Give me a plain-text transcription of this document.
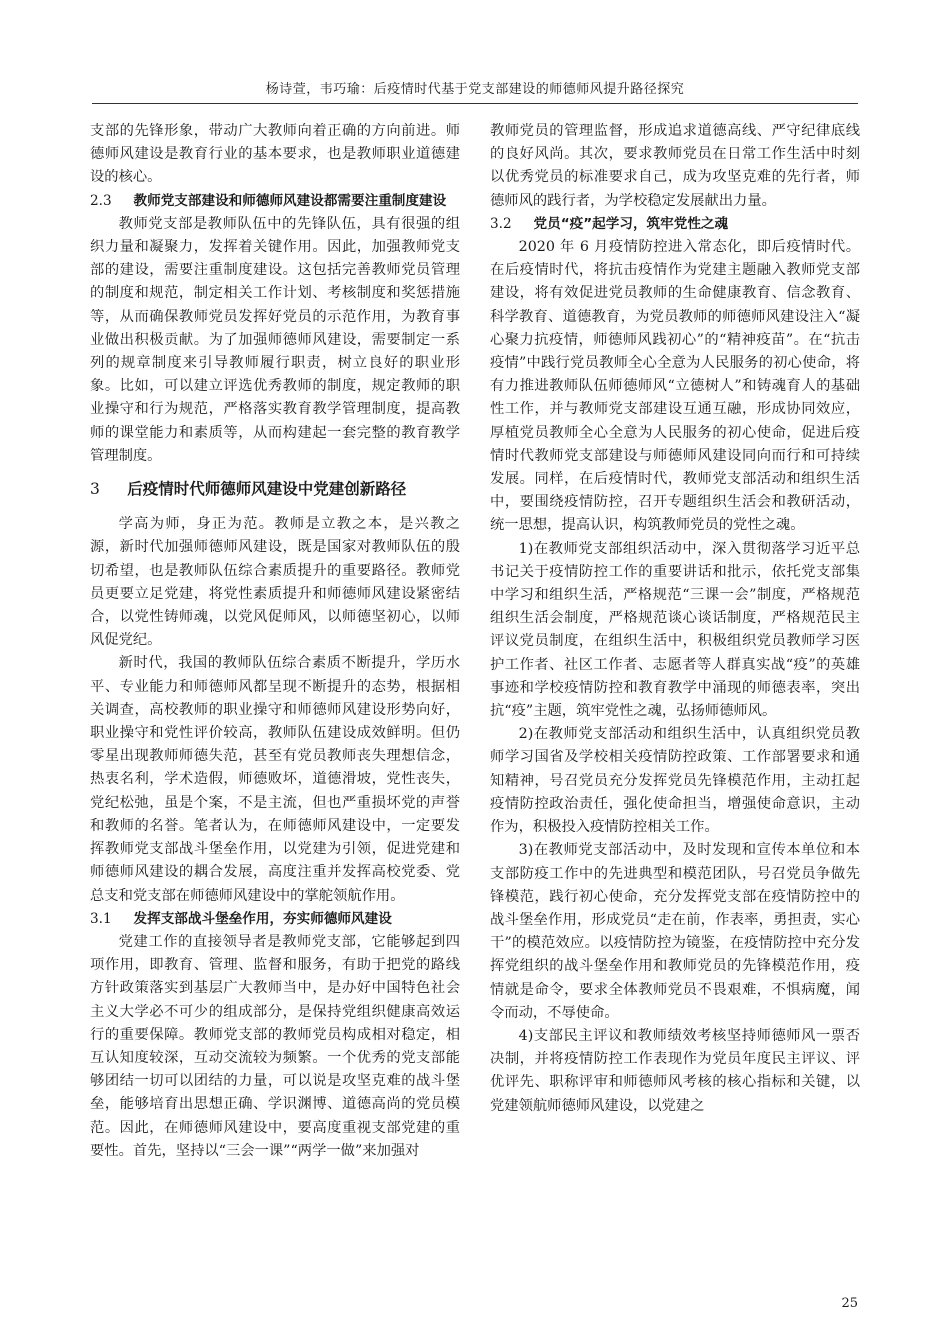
杨诗萱，韦巧瑜：后疫情时代基于党支部建设的师德师风提升路径探究

支部的先锋形象，带动广大教师向着正确的方向前进。师德师风建设是教育行业的基本要求，也是教师职业道德建设的核心。

2.3 教师党支部建设和师德师风建设都需要注重制度建设

教师党支部是教师队伍中的先锋队伍，具有很强的组织力量和凝聚力，发挥着关键作用。因此，加强教师党支部的建设，需要注重制度建设。这包括完善教师党员管理的制度和规范，制定相关工作计划、考核制度和奖惩措施等，从而确保教师党员发挥好党员的示范作用，为教育事业做出积极贡献。为了加强师德师风建设，需要制定一系列的规章制度来引导教师履行职责，树立良好的职业形象。比如，可以建立评选优秀教师的制度，规定教师的职业操守和行为规范，严格落实教育教学管理制度，提高教师的课堂能力和素质等，从而构建起一套完整的教育教学管理制度。

3 后疫情时代师德师风建设中党建创新路径

学高为师，身正为范。教师是立教之本，是兴教之源，新时代加强师德师风建设，既是国家对教师队伍的殷切希望，也是教师队伍综合素质提升的重要路径。教师党员更要立足党建，将党性素质提升和师德师风建设紧密结合，以党性铸师魂，以党风促师风，以师德坚初心，以师风促党纪。

新时代，我国的教师队伍综合素质不断提升，学历水平、专业能力和师德师风都呈现不断提升的态势，根据相关调查，高校教师的职业操守和师德师风建设形势向好，职业操守和党性评价较高，教师队伍建设成效鲜明。但仍零星出现教师师德失范，甚至有党员教师丧失理想信念，热衷名利，学术造假，师德败坏，道德滑坡，党性丧失，党纪松弛，虽是个案，不是主流，但也严重损坏党的声誉和教师的名誉。笔者认为，在师德师风建设中，一定要发挥教师党支部战斗堡垒作用，以党建为引领，促进党建和师德师风建设的耦合发展，高度注重并发挥高校党委、党总支和党支部在师德师风建设中的掌舵领航作用。

3.1 发挥支部战斗堡垒作用，夯实师德师风建设

党建工作的直接领导者是教师党支部，它能够起到四项作用，即教育、管理、监督和服务，有助于把党的路线方针政策落实到基层广大教师当中，是办好中国特色社会主义大学必不可少的组成部分，是保持党组织健康高效运行的重要保障。教师党支部的教师党员构成相对稳定，相互认知度较深，互动交流较为频繁。一个优秀的党支部能够团结一切可以团结的力量，可以说是攻坚克难的战斗堡垒，能够培育出思想正确、学识渊博、道德高尚的党员模范。因此，在师德师风建设中，要高度重视支部党建的重要性。首先，坚持以“三会一课”“两学一做”来加强对

教师党员的管理监督，形成追求道德高线、严守纪律底线的良好风尚。其次，要求教师党员在日常工作生活中时刻以优秀党员的标准要求自己，成为攻坚克难的先行者，师德师风的践行者，为学校稳定发展献出力量。

3.2 党员“疫”起学习，筑牢党性之魂

2020 年 6 月疫情防控进入常态化，即后疫情时代。在后疫情时代，将抗击疫情作为党建主题融入教师党支部建设，将有效促进党员教师的生命健康教育、信念教育、科学教育、道德教育，为党员教师的师德师风建设注入“凝心聚力抗疫情，师德师风践初心”的“精神疫苗”。在“抗击疫情”中践行党员教师全心全意为人民服务的初心使命，将有力推进教师队伍师德师风“立德树人”和铸魂育人的基础性工作，并与教师党支部建设互通互融，形成协同效应，厚植党员教师全心全意为人民服务的初心使命，促进后疫情时代教师党支部建设与师德师风建设同向而行和可持续发展。同样，在后疫情时代，教师党支部活动和组织生活中，要围绕疫情防控，召开专题组织生活会和教研活动，统一思想，提高认识，构筑教师党员的党性之魂。

1)在教师党支部组织活动中，深入贯彻落学习近平总书记关于疫情防控工作的重要讲话和批示，依托党支部集中学习和组织生活，严格规范“三课一会”制度，严格规范组织生活会制度，严格规范谈心谈话制度，严格规范民主评议党员制度，在组织生活中，积极组织党员教师学习医护工作者、社区工作者、志愿者等人群真实战“疫”的英雄事迹和学校疫情防控和教育教学中涌现的师德表率，突出抗“疫”主题，筑牢党性之魂，弘扬师德师风。

2)在教师党支部活动和组织生活中，认真组织党员教师学习国省及学校相关疫情防控政策、工作部署要求和通知精神，号召党员充分发挥党员先锋模范作用，主动扛起疫情防控政治责任，强化使命担当，增强使命意识，主动作为，积极投入疫情防控相关工作。

3)在教师党支部活动中，及时发现和宣传本单位和本支部防疫工作中的先进典型和模范团队，号召党员争做先锋模范，践行初心使命，充分发挥党支部在疫情防控中的战斗堡垒作用，形成党员“走在前，作表率，勇担责，实心干”的模范效应。以疫情防控为镜鉴，在疫情防控中充分发挥党组织的战斗堡垒作用和教师党员的先锋模范作用，疫情就是命令，要求全体教师党员不畏艰难，不惧病魔，闻令而动，不辱使命。

4)支部民主评议和教师绩效考核坚持师德师风一票否决制，并将疫情防控工作表现作为党员年度民主评议、评优评先、职称评审和师德师风考核的核心指标和关键，以党建领航师德师风建设，以党建之

25
